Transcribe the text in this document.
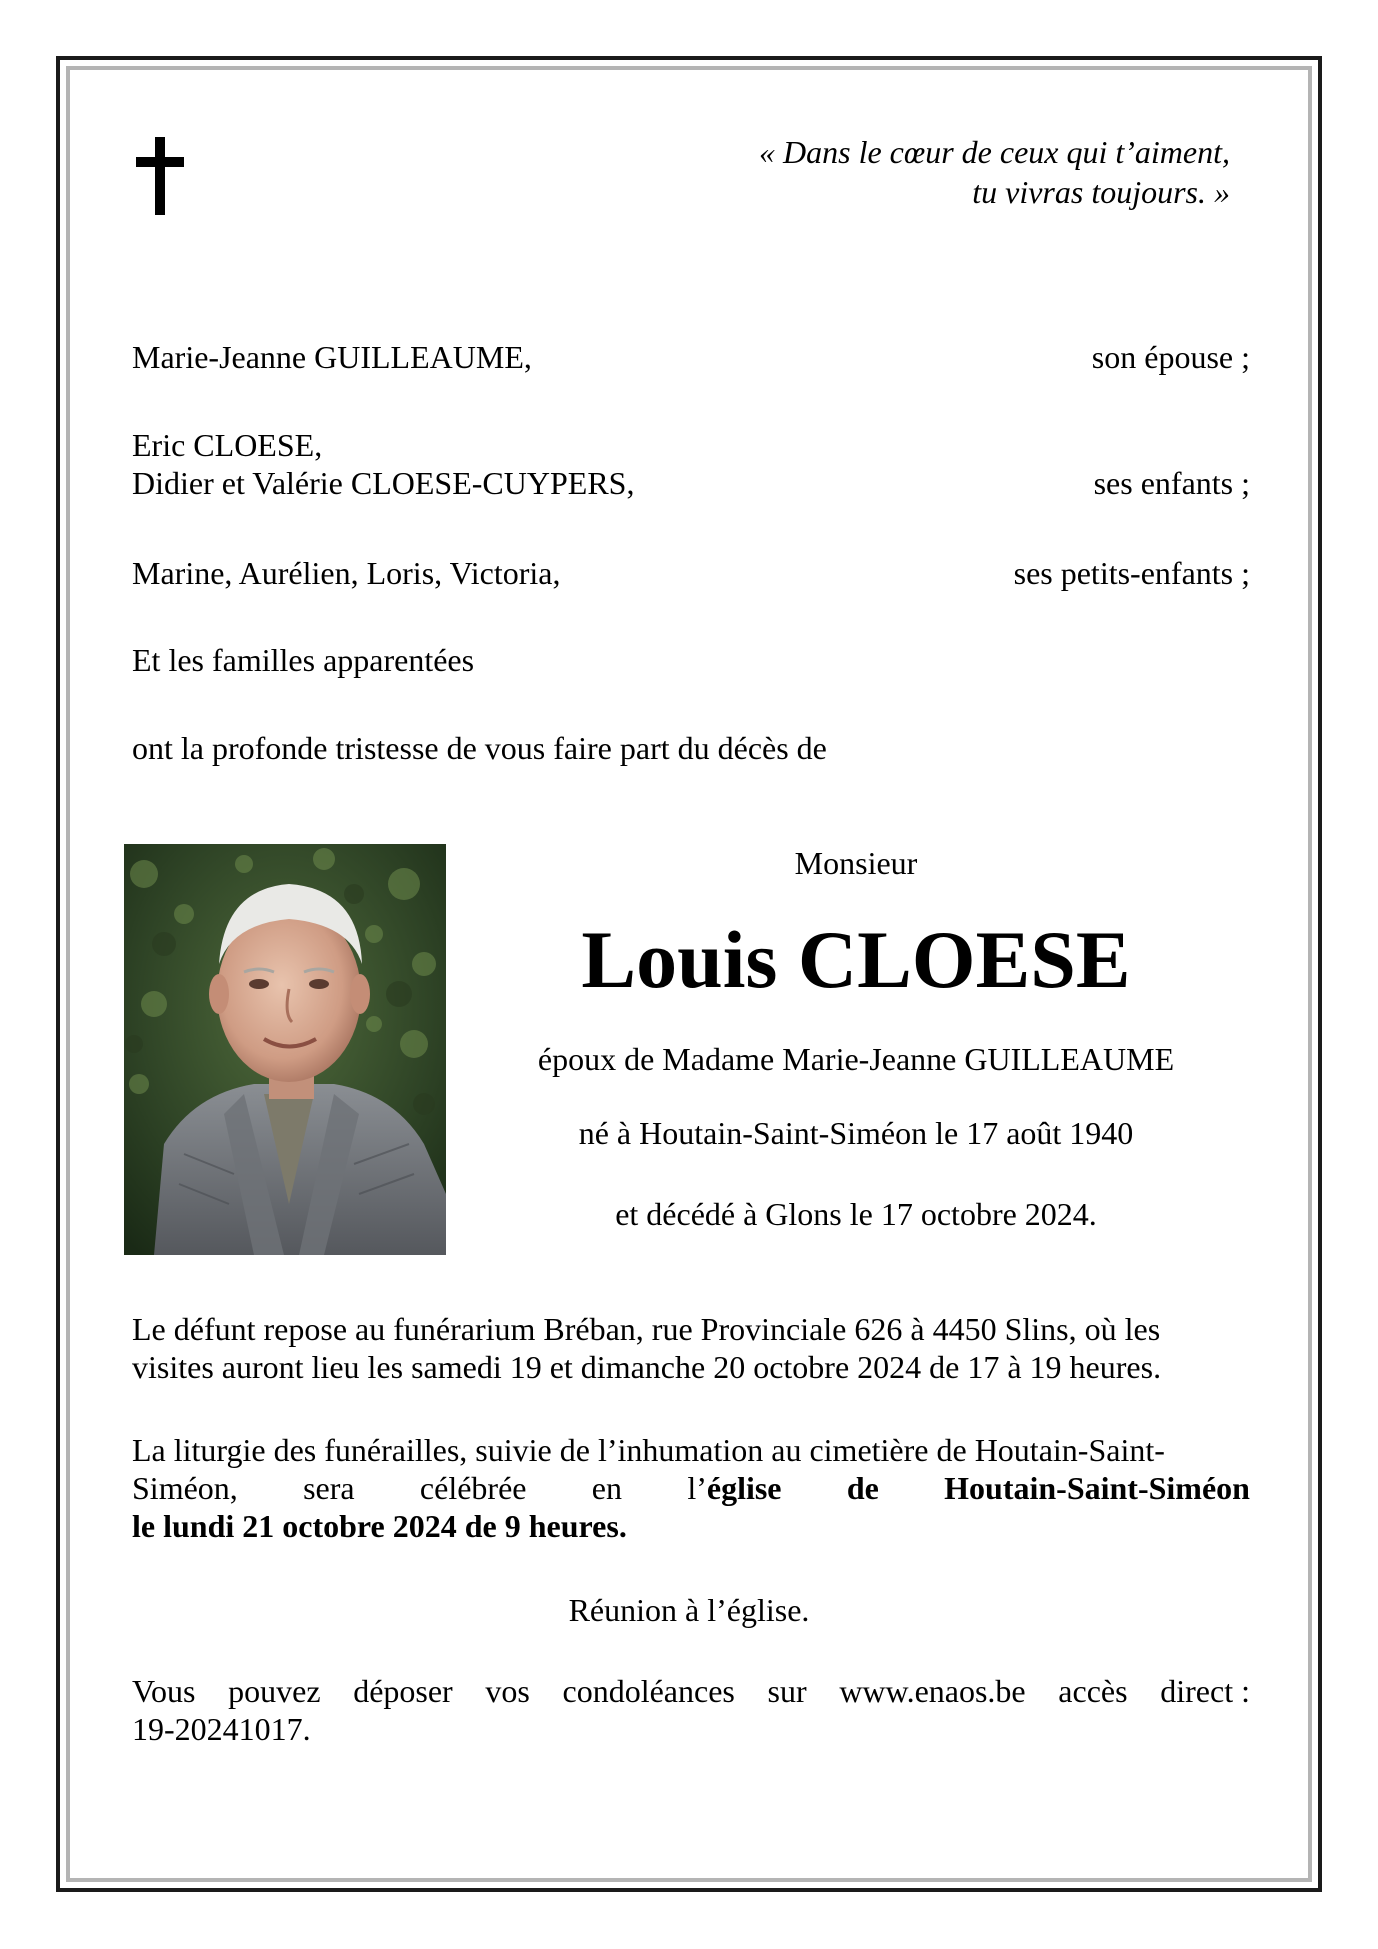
« Dans le cœur de ceux qui t’aiment,
tu vivras toujours. »
Marie-Jeanne GUILLEAUME,	son épouse ;
Eric CLOESE,
Didier et Valérie CLOESE-CUYPERS,	ses enfants ;
Marine, Aurélien, Loris, Victoria,	ses petits-enfants ;
Et les familles apparentées
ont la profonde tristesse de vous faire part du décès de
Monsieur
Louis CLOESE
époux de Madame Marie-Jeanne GUILLEAUME
né à Houtain-Saint-Siméon le 17 août 1940
et décédé à Glons le 17 octobre 2024.
Le défunt repose au funérarium Bréban, rue Provinciale 626 à 4450 Slins, où les
visites auront lieu les samedi 19 et dimanche 20 octobre 2024 de 17 à 19 heures.
La liturgie des funérailles, suivie de l’inhumation au cimetière de Houtain-Saint-
Siméon, sera célébrée en l’église de Houtain-Saint-Siméon
le lundi 21 octobre 2024 de 9 heures.
Réunion à l’église.
Vous pouvez déposer vos condoléances sur www.enaos.be accès direct :
19-20241017.
